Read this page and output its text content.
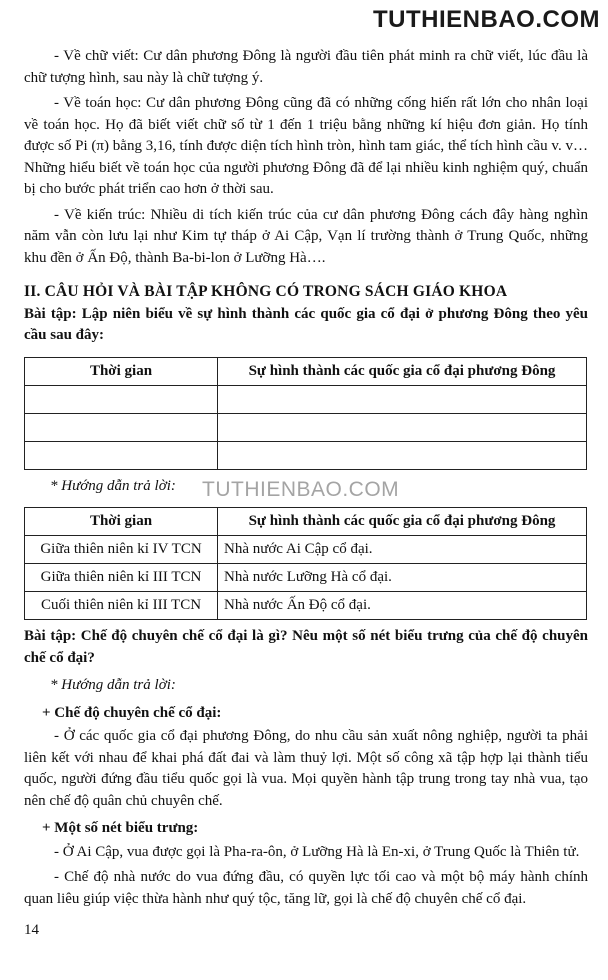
TUTHIENBAO.COM
TUTHIENBAO.COM

- Về chữ viết: Cư dân phương Đông là người đầu tiên phát minh ra chữ viết, lúc đầu là chữ tượng hình, sau này là chữ tượng ý.

- Về toán học: Cư dân phương Đông cũng đã có những cống hiến rất lớn cho nhân loại về toán học. Họ đã biết viết chữ số từ 1 đến 1 triệu bằng những kí hiệu đơn giản. Họ tính được số Pi (π) bằng 3,16, tính được diện tích hình tròn, hình tam giác, thể tích hình cầu v. v…Những hiểu biết về toán học của người phương Đông đã để lại nhiều kinh nghiệm quý, chuẩn bị cho bước phát triển cao hơn ở thời sau.

- Về kiến trúc: Nhiều di tích kiến trúc của cư dân phương Đông cách đây hàng nghìn năm vẫn còn lưu lại như Kim tự tháp ở Ai Cập, Vạn lí trường thành ở Trung Quốc, những khu đền ở Ấn Độ, thành Ba-bi-lon ở Lưỡng Hà….

II. CÂU HỎI VÀ BÀI TẬP KHÔNG CÓ TRONG SÁCH GIÁO KHOA

Bài tập: Lập niên biểu về sự hình thành các quốc gia cổ đại ở phương Đông theo yêu cầu sau đây:

Thời gian	Sự hình thành các quốc gia cổ đại phương Đông

* Hướng dẫn trả lời:

Thời gian	Sự hình thành các quốc gia cổ đại phương Đông
Giữa thiên niên kỉ IV TCN	Nhà nước Ai Cập cổ đại.
Giữa thiên niên kỉ III TCN	Nhà nước Lưỡng Hà cổ đại.
Cuối thiên niên kỉ III TCN	Nhà nước Ấn Độ cổ đại.

Bài tập: Chế độ chuyên chế cổ đại là gì? Nêu một số nét biểu trưng của chế độ chuyên chế cổ đại?

* Hướng dẫn trả lời:

+ Chế độ chuyên chế cổ đại:

- Ở các quốc gia cổ đại phương Đông, do nhu cầu sản xuất nông nghiệp, người ta phải liên kết với nhau để khai phá đất đai và làm thuỷ lợi. Một số công xã tập hợp lại thành tiểu quốc, người đứng đầu tiểu quốc gọi là vua. Mọi quyền hành tập trung trong tay nhà vua, tạo nên chế độ quân chủ chuyên chế.

+ Một số nét biểu trưng:

- Ở Ai Cập, vua được gọi là Pha-ra-ôn, ở Lưỡng Hà là En-xi, ở Trung Quốc là Thiên tử.

- Chế độ nhà nước do vua đứng đầu, có quyền lực tối cao và một bộ máy hành chính quan liêu giúp việc thừa hành như quý tộc, tăng lữ, gọi là chế độ chuyên chế cổ đại.

14
